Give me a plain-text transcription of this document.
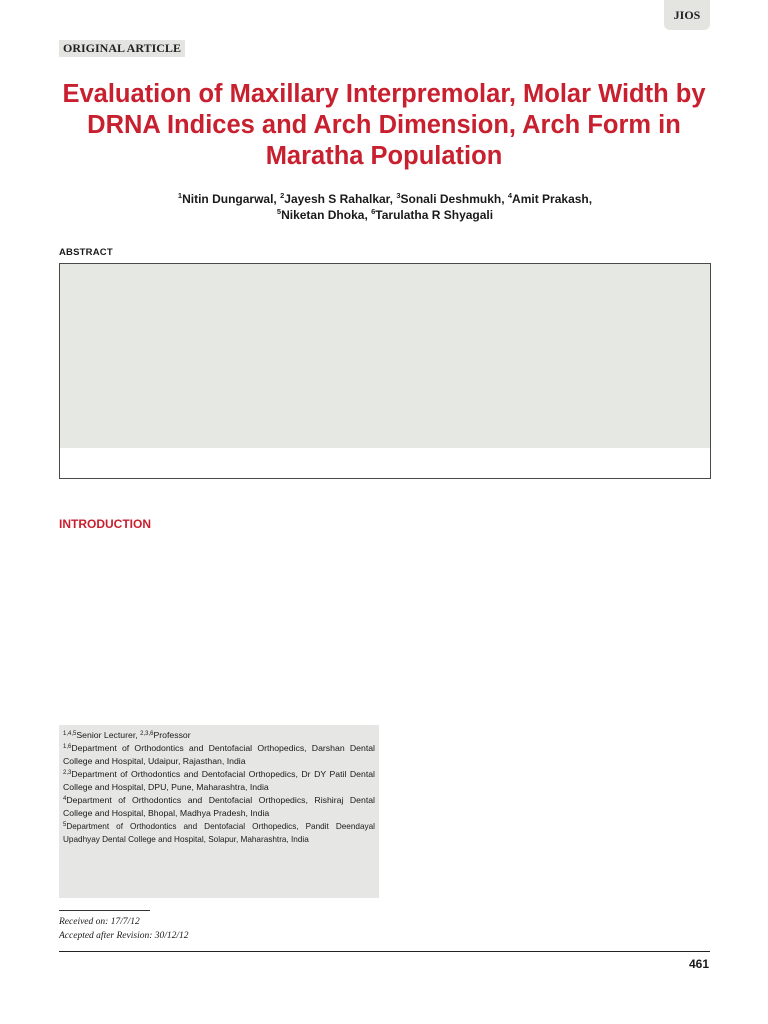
JIOS
ORIGINAL ARTICLE
Evaluation of Maxillary Interpremolar, Molar Width by DRNA Indices and Arch Dimension, Arch Form in Maratha Population
$^1$Nitin Dungarwal, $^2$Jayesh S Rahalkar, $^3$Sonali Deshmukh, $^4$Amit Prakash,
$^5$Niketan Dhoka, $^6$Tarulatha R Shyagali
ABSTRACT
INTRODUCTION

$^{1,4,5}$Senior Lecturer, $^{2,3,6}$Professor

$^{1,6}$Department of Orthodontics and Dentofacial Orthopedics, Darshan Dental College and Hospital, Udaipur, Rajasthan, India

$^{2,3}$Department of Orthodontics and Dentofacial Orthopedics, Dr DY Patil Dental College and Hospital, DPU, Pune, Maharashtra, India

$^4$Department of Orthodontics and Dentofacial Orthopedics, Rishiraj Dental College and Hospital, Bhopal, Madhya Pradesh, India

$^5$Department of Orthodontics and Dentofacial Orthopedics, Pandit Deendayal Upadhyay Dental College and Hospital, Solapur, Maharashtra, India

Received on: 17/7/12
Accepted after Revision: 30/12/12
461
